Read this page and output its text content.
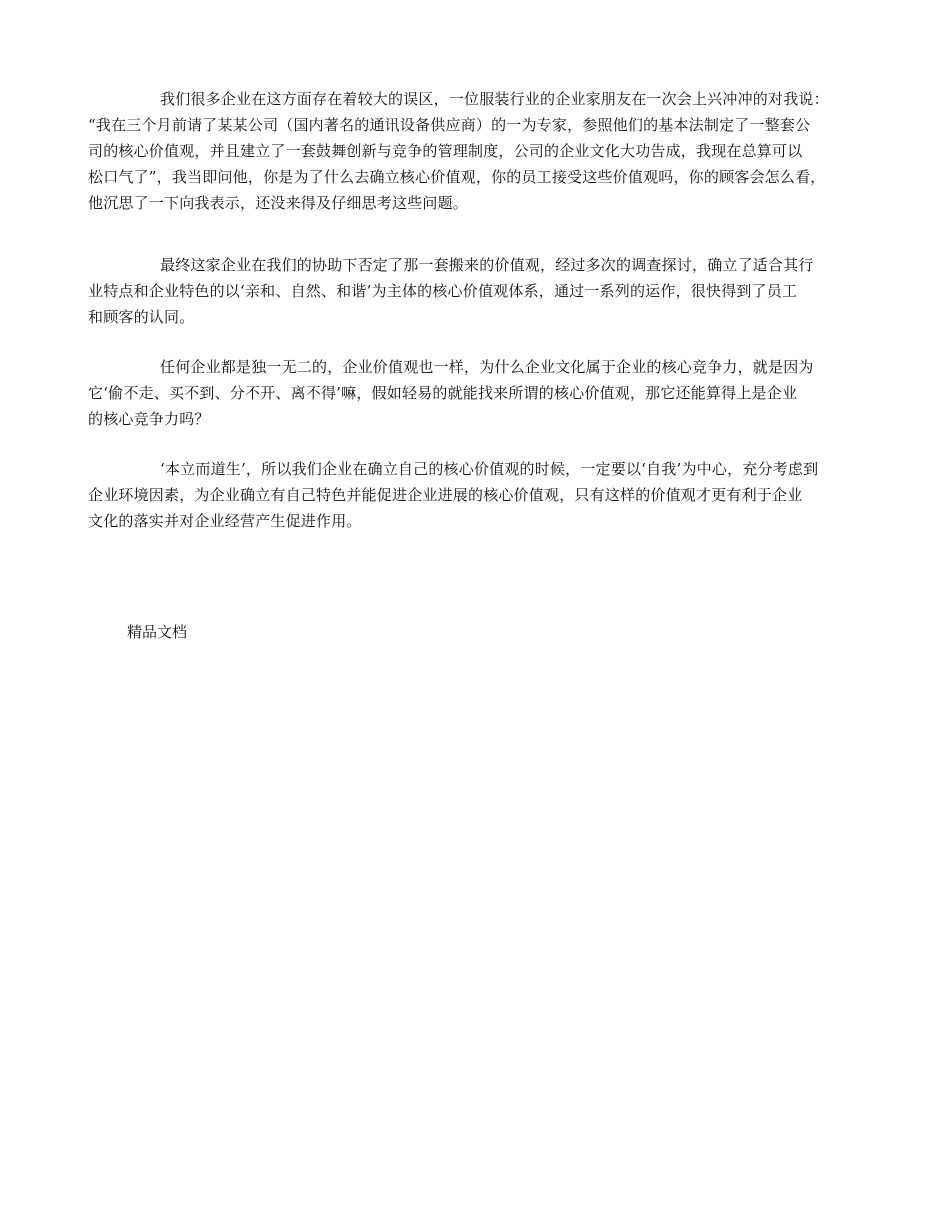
我们很多企业在这方面存在着较大的误区，一位服装行业的企业家朋友在一次会上兴冲冲的对我说：
“我在三个月前请了某某公司（国内著名的通讯设备供应商）的一为专家，参照他们的基本法制定了一整套公
司的核心价值观，并且建立了一套鼓舞创新与竞争的管理制度，公司的企业文化大功告成，我现在总算可以
松口气了”，我当即问他，你是为了什么去确立核心价值观，你的员工接受这些价值观吗，你的顾客会怎么看，
他沉思了一下向我表示，还没来得及仔细思考这些问题。

最终这家企业在我们的协助下否定了那一套搬来的价值观，经过多次的调查探讨，确立了适合其行
业特点和企业特色的以‘亲和、自然、和谐’为主体的核心价值观体系，通过一系列的运作，很快得到了员工
和顾客的认同。

任何企业都是独一无二的，企业价值观也一样，为什么企业文化属于企业的核心竞争力，就是因为
它‘偷不走、买不到、分不开、离不得’嘛，假如轻易的就能找来所谓的核心价值观，那它还能算得上是企业
的核心竞争力吗？

‘本立而道生’，所以我们企业在确立自己的核心价值观的时候，一定要以‘自我’为中心，充分考虑到
企业环境因素，为企业确立有自己特色并能促进企业进展的核心价值观，只有这样的价值观才更有利于企业
文化的落实并对企业经营产生促进作用。

精品文档
